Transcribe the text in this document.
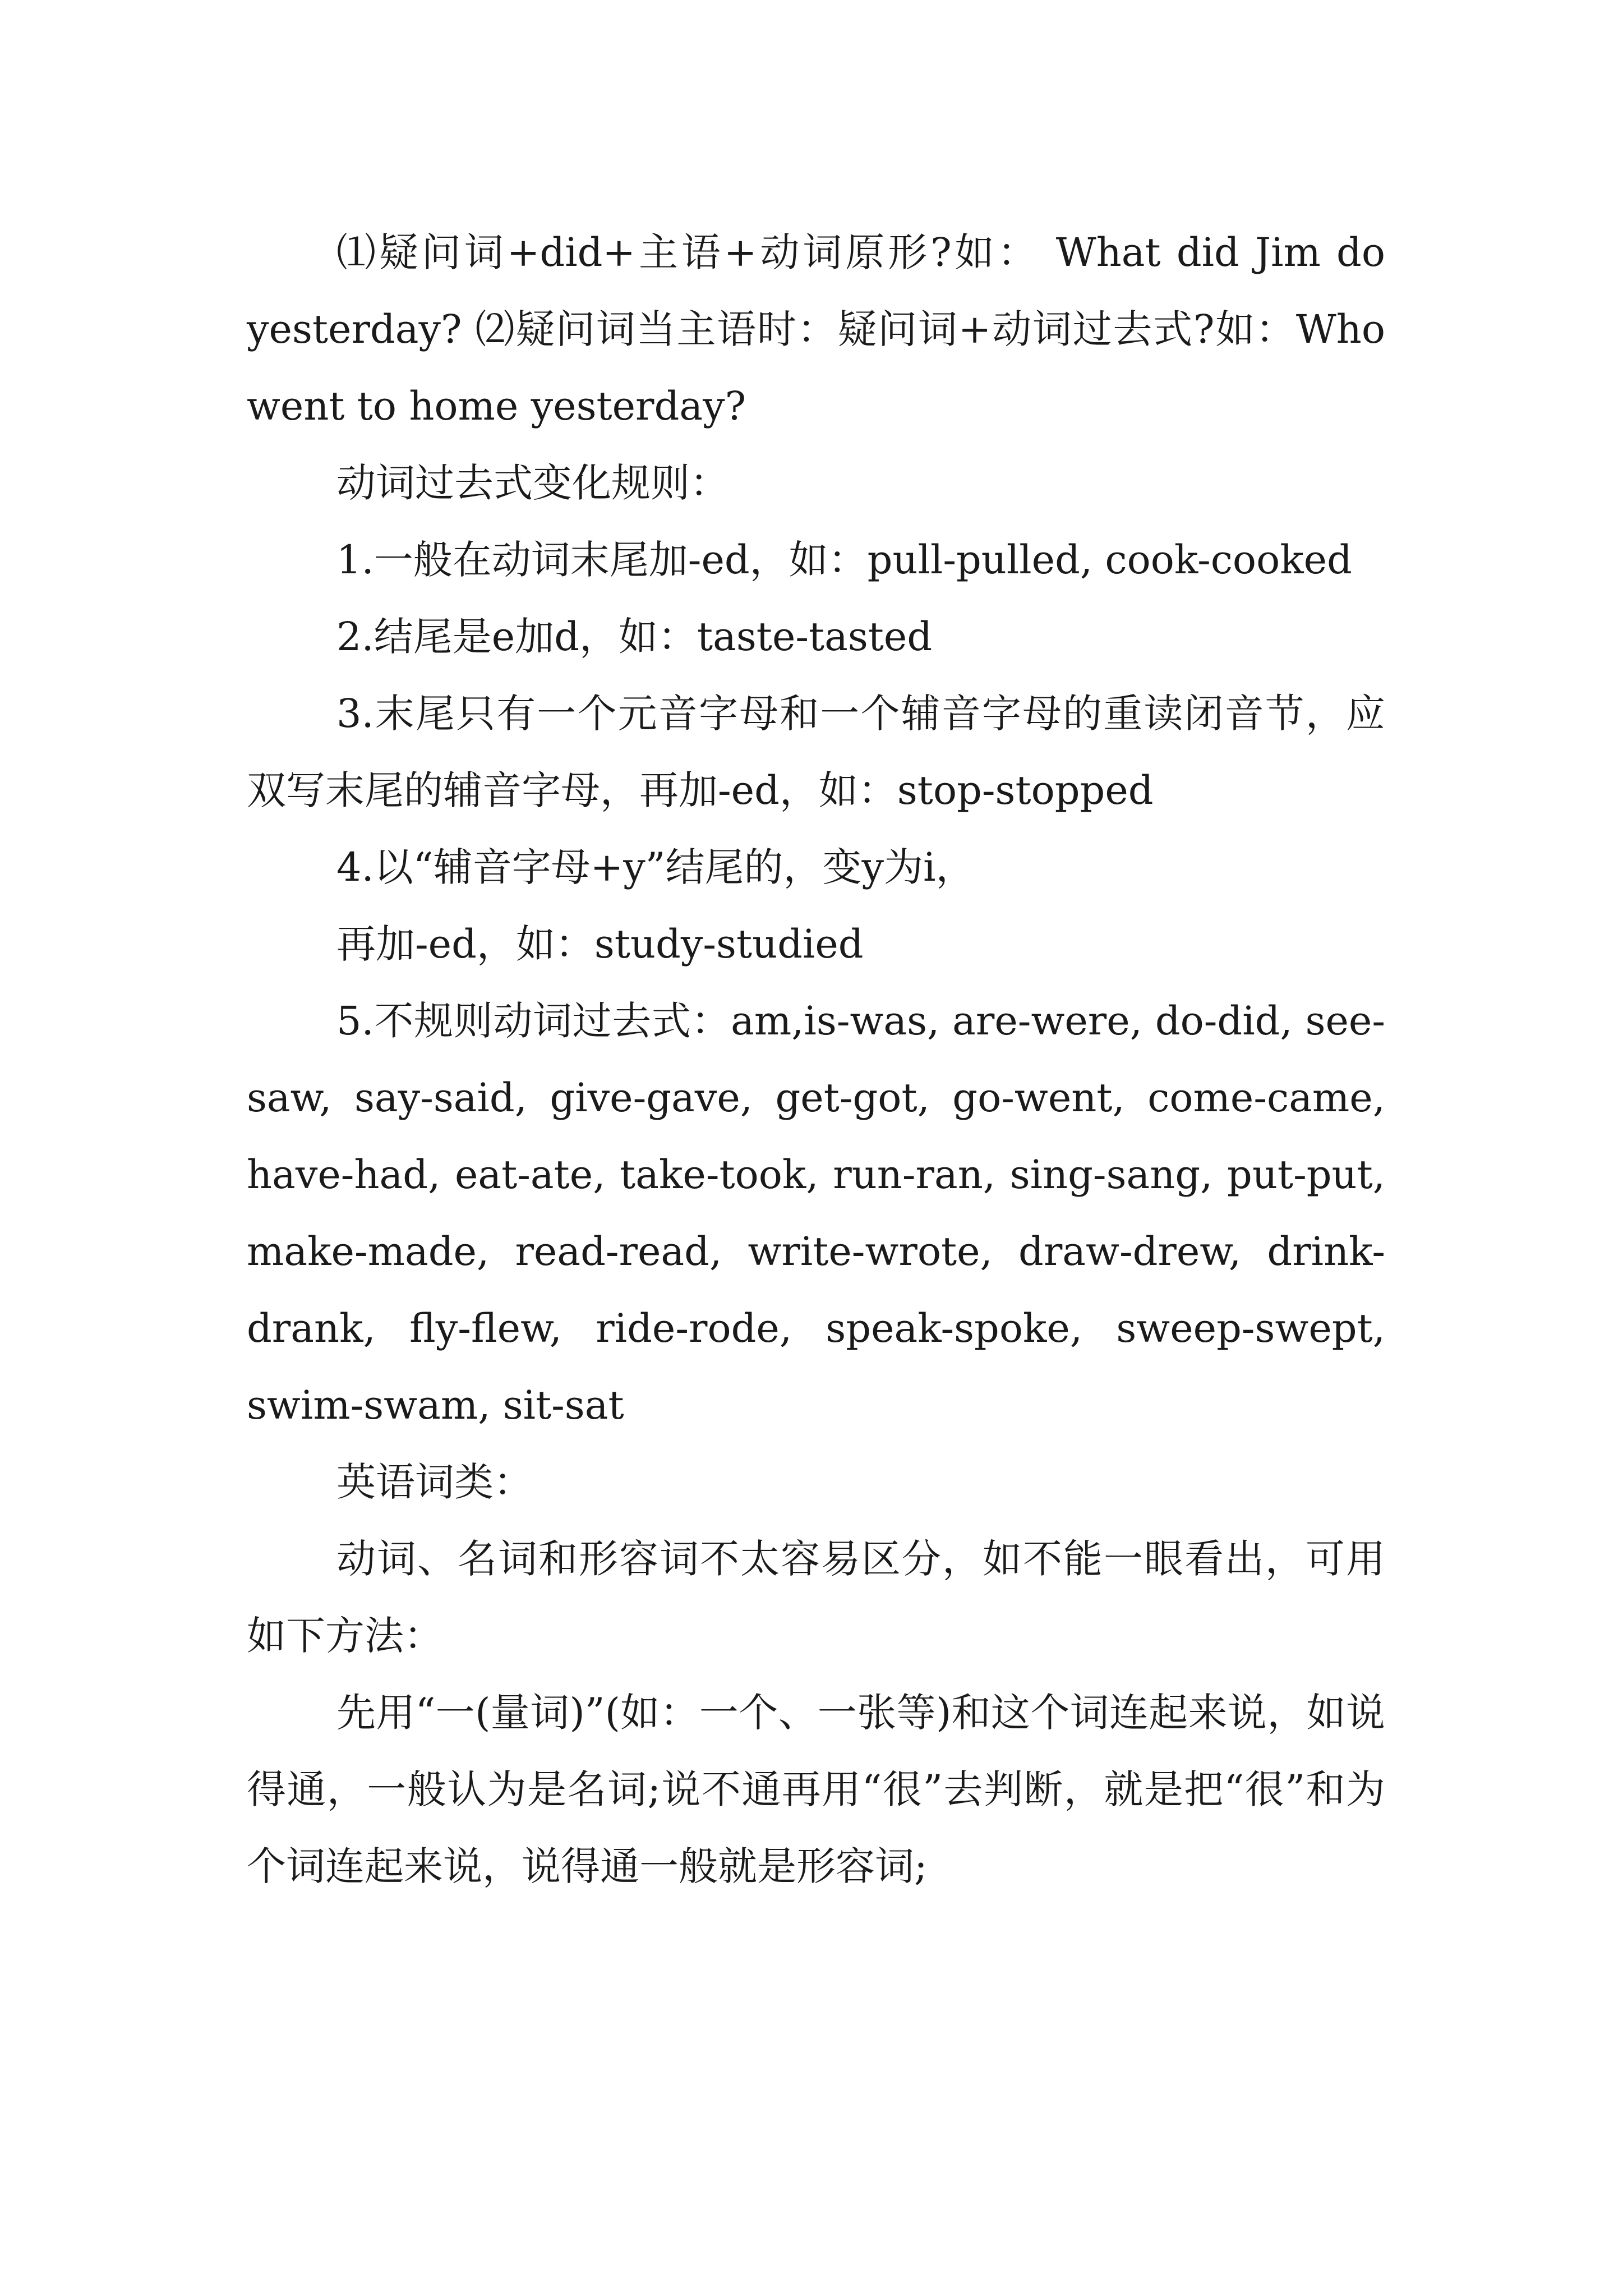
⑴疑问词+did+主语+动词原形?如： What did Jim do yesterday? ⑵疑问词当主语时：疑问词+动词过去式?如：Who went to home yesterday?

动词过去式变化规则：

1.一般在动词末尾加-ed，如：pull-pulled, cook-cooked

2.结尾是e加d，如：taste-tasted

3.末尾只有一个元音字母和一个辅音字母的重读闭音节，应双写末尾的辅音字母，再加-ed，如：stop-stopped

4.以“辅音字母+y”结尾的，变y为i，

再加-ed，如：study-studied

5.不规则动词过去式：am,is-was, are-were, do-did, see-saw, say-said, give-gave, get-got, go-went, come-came, have-had, eat-ate, take-took, run-ran, sing-sang, put-put, make-made, read-read, write-wrote, draw-drew, drink-drank, fly-flew, ride-rode, speak-spoke, sweep-swept, swim-swam, sit-sat

英语词类：

动词、名词和形容词不太容易区分，如不能一眼看出，可用如下方法：

先用“一(量词)”(如：一个、一张等)和这个词连起来说，如说得通，一般认为是名词;说不通再用“很”去判断，就是把“很”和为个词连起来说，说得通一般就是形容词;
